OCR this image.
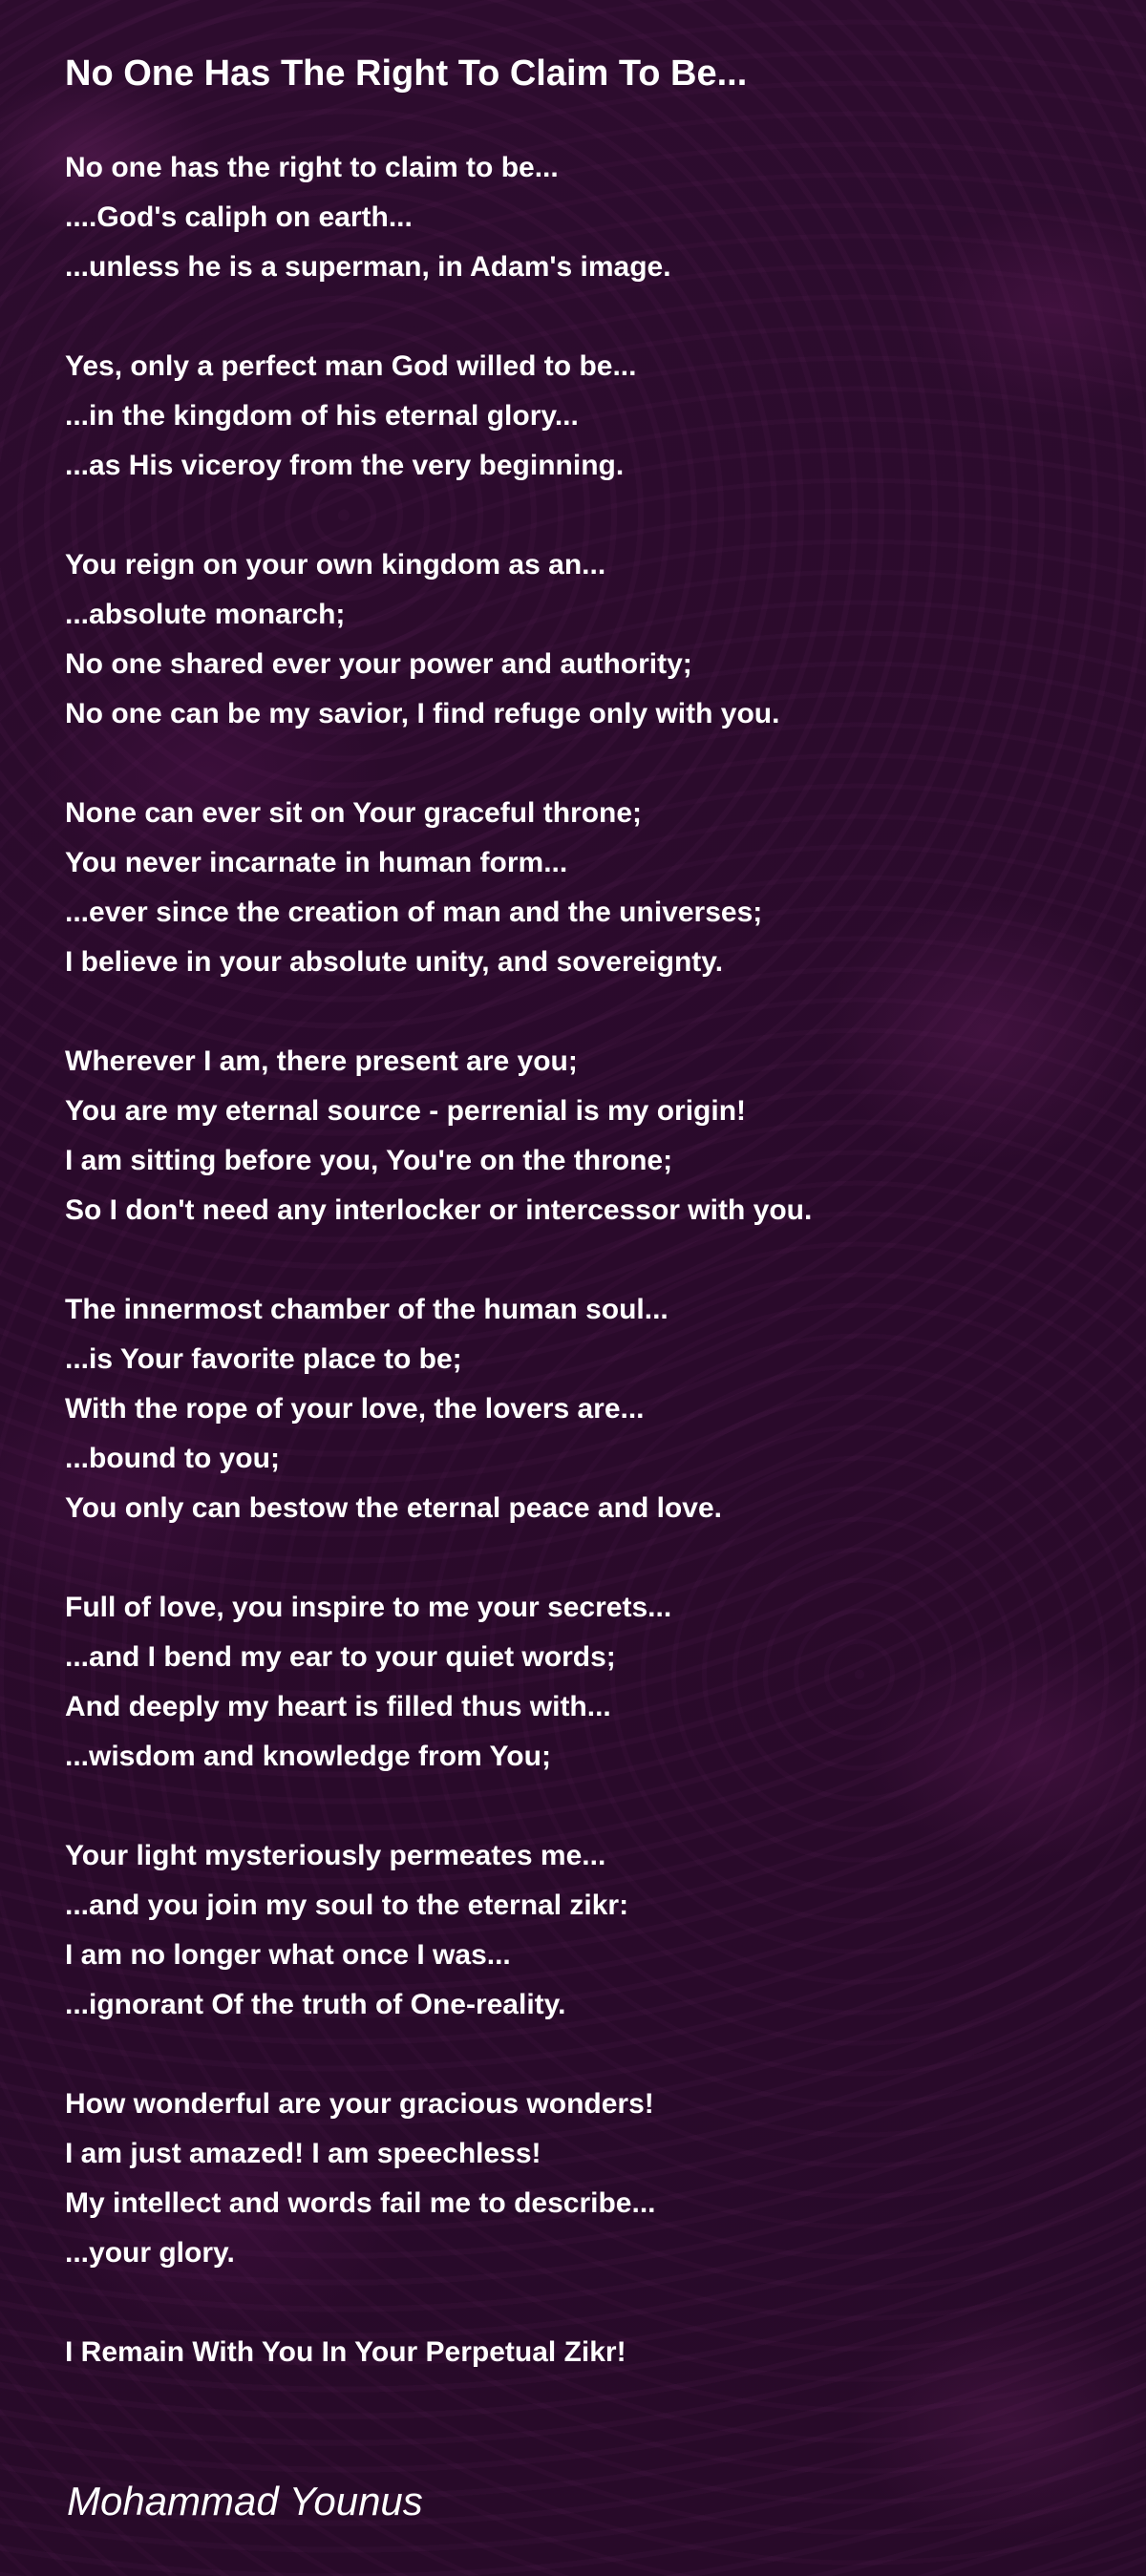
No One Has The Right To Claim To Be...
No one has the right to claim to be...
....God's caliph on earth...
...unless he is a superman, in Adam's image.
Yes, only a perfect man God willed to be...
...in the kingdom of his eternal glory...
...as His viceroy from the very beginning.
You reign on your own kingdom as an...
...absolute monarch;
No one shared ever your power and authority;
No one can be my savior, I find refuge only with you.
None can ever sit on Your graceful throne;
You never incarnate in human form...
...ever since the creation of man and the universes;
I believe in your absolute unity, and sovereignty.
Wherever I am, there present are you;
You are my eternal source - perrenial is my origin!
I am sitting before you, You're on the throne;
So I don't need any interlocker or intercessor with you.
The innermost chamber of the human soul...
...is Your favorite place to be;
With the rope of your love, the lovers are...
...bound to you;
You only can bestow the eternal peace and love.
Full of love, you inspire to me your secrets...
...and I bend my ear to your quiet words;
And deeply my heart is filled thus with...
...wisdom and knowledge from You;
Your light mysteriously permeates me...
...and you join my soul to the eternal zikr:
I am no longer what once I was...
...ignorant Of the truth of One-reality.
How wonderful are your gracious wonders!
I am just amazed! I am speechless!
My intellect and words fail me to describe...
...your glory.
I Remain With You In Your Perpetual Zikr!
Mohammad Younus
